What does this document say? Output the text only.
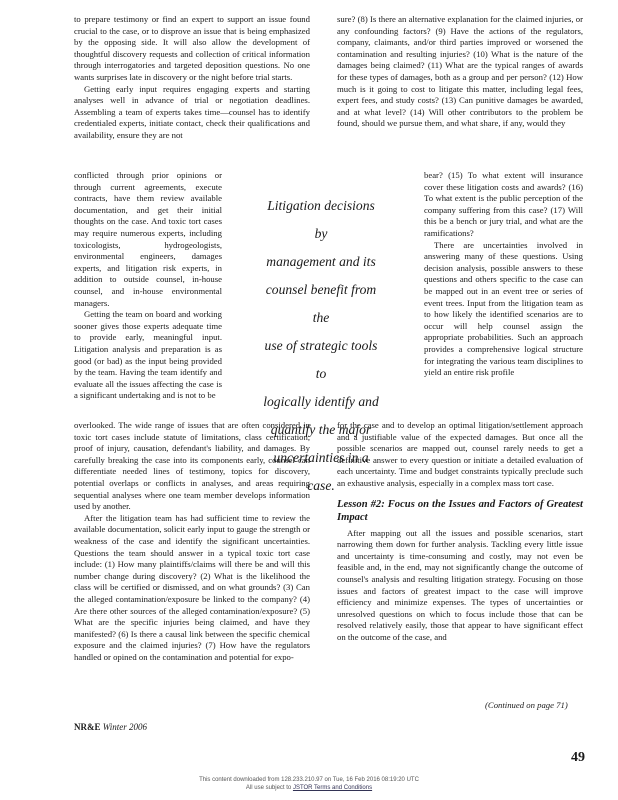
to prepare testimony or find an expert to support an issue found crucial to the case, or to disprove an issue that is being emphasized by the opposing side. It will also allow the development of thoughtful discovery requests and collection of critical information through interrogatories and targeted deposition questions. No one wants surprises late in discovery or the night before trial starts.

Getting early input requires engaging experts and starting analyses well in advance of trial or negotiation deadlines. Assembling a team of experts takes time—counsel has to identify credentialed experts, initiate contact, check their qualifications and availability, ensure they are not

conflicted through prior opinions or through current agreements, execute contracts, have them review available documentation, and get their initial thoughts on the case. And toxic tort cases may require numerous experts, including toxicologists, hydrogeologists, environmental engineers, damages experts, and litigation risk experts, in addition to outside counsel, in-house counsel, and in-house environmental managers.

Getting the team on board and working sooner gives those experts adequate time to provide early, meaningful input. Litigation analysis and preparation is as good (or bad) as the input being provided by the team. Having the team identify and evaluate all the issues affecting the case is a significant undertaking and is not to be

Litigation decisions by

management and its

counsel benefit from the

use of strategic tools to

logically identify and

quantify the major

uncertainties in a case.

overlooked. The wide range of issues that are often considered in toxic tort cases include statute of limitations, class certification, proof of injury, causation, defendant's liability, and damages. By carefully breaking the case into its components early, counsel can differentiate needed lines of testimony, topics for discovery, potential overlaps or conflicts in analyses, and areas requiring sequential analyses where one team member develops information used by another.

After the litigation team has had sufficient time to review the available documentation, solicit early input to gauge the strength or weakness of the case and identify the significant uncertainties. Questions the team should answer in a typical toxic tort case include: (1) How many plaintiffs/claims will there be and will this number change during discovery? (2) What is the likelihood the class will be certified or dismissed, and on what grounds? (3) Can the alleged contamination/exposure be linked to the company? (4) Are there other sources of the alleged contamination/exposure? (5) What are the specific injuries being claimed, and have they manifested? (6) Is there a causal link between the specific chemical exposure and the claimed injuries? (7) How have the regulators handled or opined on the contamination and potential for expo-

sure? (8) Is there an alternative explanation for the claimed injuries, or any confounding factors? (9) Have the actions of the regulators, company, claimants, and/or third parties improved or worsened the contamination and resulting injuries? (10) What is the nature of the damages being claimed? (11) What are the typical ranges of awards for these types of damages, both as a group and per person? (12) How much is it going to cost to litigate this matter, including legal fees, expert fees, and study costs? (13) Can punitive damages be awarded, and at what level? (14) Will other contributors to the problem be found, should we pursue them, and what share, if any, would they

bear? (15) To what extent will insurance cover these litigation costs and awards? (16) To what extent is the public perception of the company suffering from this case? (17) Will this be a bench or jury trial, and what are the ramifications?

There are uncertainties involved in answering many of these questions. Using decision analysis, possible answers to these questions and others specific to the case can be mapped out in an event tree or series of event trees. Input from the litigation team as to how likely the identified scenarios are to occur will help counsel assign the appropriate probabilities. Such an approach provides a comprehensive logical structure for integrating the various team disciplines to yield an entire risk profile

for the case and to develop an optimal litigation/settlement approach and a justifiable value of the expected damages. But once all the possible scenarios are mapped out, counsel rarely needs to get a definitive answer to every question or initiate a detailed evaluation of each uncertainty. Time and budget constraints typically preclude such an exhaustive analysis, especially in a complex mass tort case.

Lesson #2: Focus on the Issues and Factors of Greatest Impact

After mapping out all the issues and possible scenarios, start narrowing them down for further analysis. Tackling every little issue and uncertainty is time-consuming and costly, may not even be feasible and, in the end, may not significantly change the outcome of counsel's analysis and resulting litigation strategy. Focusing on those issues and factors of greatest impact to the case will improve efficiency and minimize expenses. The types of uncertainties or unresolved questions on which to focus include those that can be resolved relatively easily, those that appear to have significant effect on the outcome of the case, and

(Continued on page 71)
NR&E Winter 2006
49
This content downloaded from 128.233.210.97 on Tue, 16 Feb 2016 08:19:20 UTC
All use subject to JSTOR Terms and Conditions
